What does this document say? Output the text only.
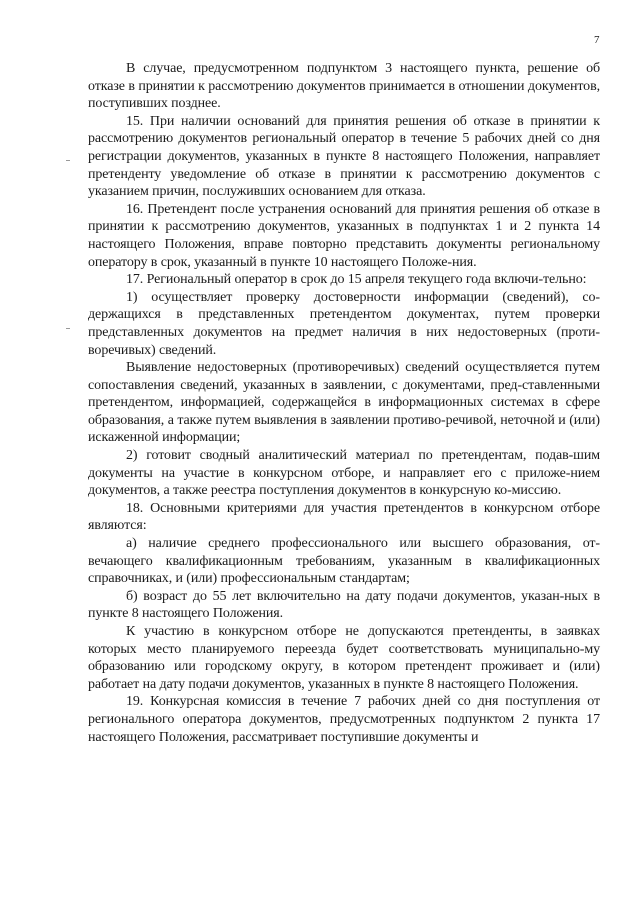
7

В случае, предусмотренном подпунктом 3 настоящего пункта, решение об отказе в принятии к рассмотрению документов принимается в отношении документов, поступивших позднее.

15. При наличии оснований для принятия решения об отказе в принятии к рассмотрению документов региональный оператор в течение 5 рабочих дней со дня регистрации документов, указанных в пункте 8 настоящего Положения, направляет претенденту уведомление об отказе в принятии к рассмотрению документов с указанием причин, послуживших основанием для отказа.

16. Претендент после устранения оснований для принятия решения об отказе в принятии к рассмотрению документов, указанных в подпунктах 1 и 2 пункта 14 настоящего Положения, вправе повторно представить документы региональному оператору в срок, указанный в пункте 10 настоящего Положе-ния.

17. Региональный оператор в срок до 15 апреля текущего года включи-тельно:

1) осуществляет проверку достоверности информации (сведений), со-держащихся в представленных претендентом документах, путем проверки представленных документов на предмет наличия в них недостоверных (проти-воречивых) сведений.

Выявление недостоверных (противоречивых) сведений осуществляется путем сопоставления сведений, указанных в заявлении, с документами, пред-ставленными претендентом, информацией, содержащейся в информационных системах в сфере образования, а также путем выявления в заявлении противо-речивой, неточной и (или) искаженной информации;

2) готовит сводный аналитический материал по претендентам, подав-шим документы на участие в конкурсном отборе, и направляет его с приложе-нием документов, а также реестра поступления документов в конкурсную ко-миссию.

18. Основными критериями для участия претендентов в конкурсном отборе являются:

а) наличие среднего профессионального или высшего образования, от-вечающего квалификационным требованиям, указанным в квалификационных справочниках, и (или) профессиональным стандартам;

б) возраст до 55 лет включительно на дату подачи документов, указан-ных в пункте 8 настоящего Положения.

К участию в конкурсном отборе не допускаются претенденты, в заявках которых место планируемого переезда будет соответствовать муниципально-му образованию или городскому округу, в котором претендент проживает и (или) работает на дату подачи документов, указанных в пункте 8 настоящего Положения.

19. Конкурсная комиссия в течение 7 рабочих дней со дня поступления от регионального оператора документов, предусмотренных подпунктом 2 пункта 17 настоящего Положения, рассматривает поступившие документы и
